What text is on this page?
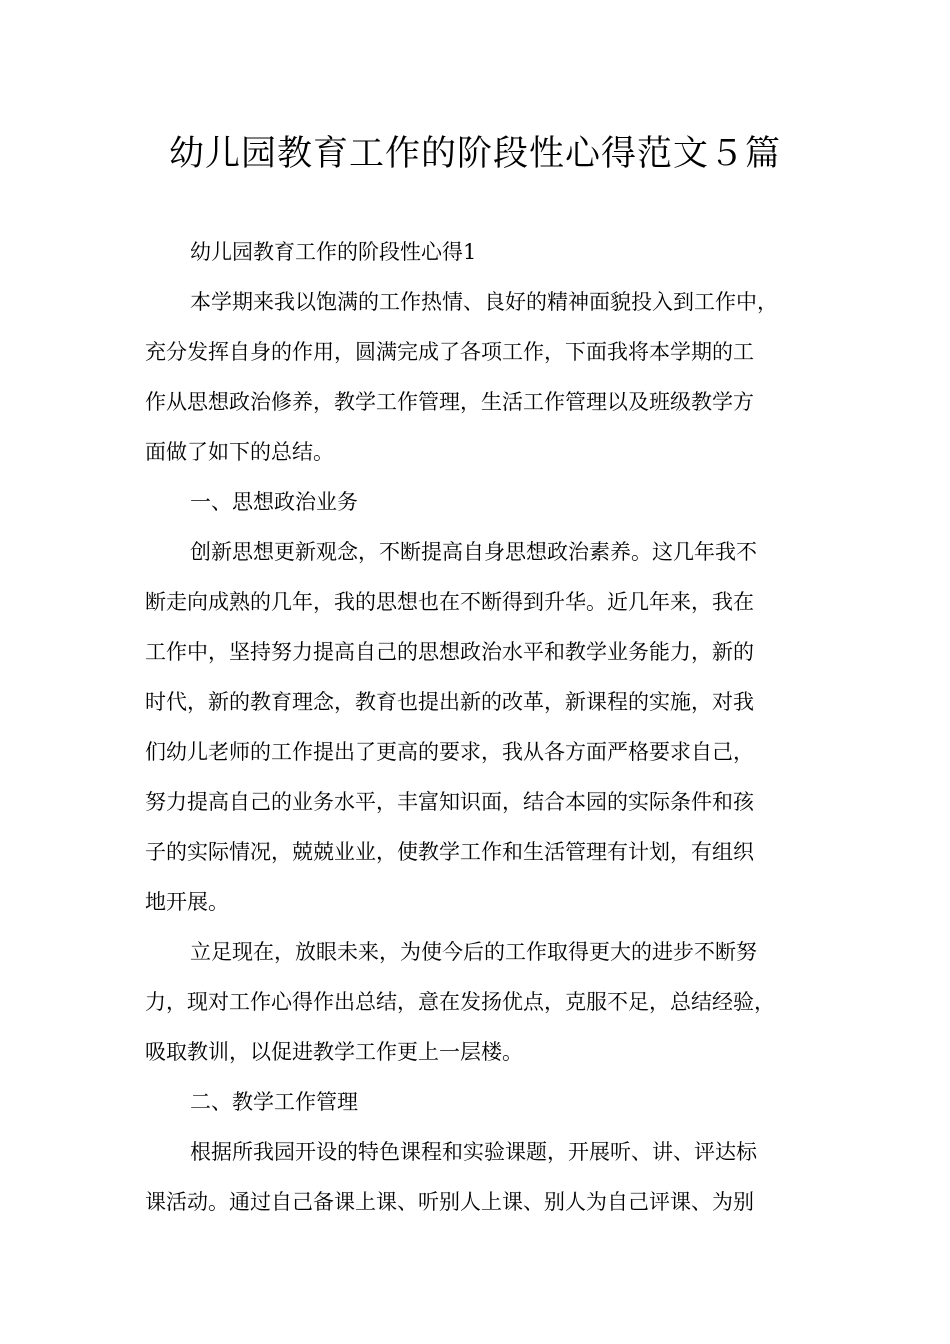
幼儿园教育工作的阶段性心得范文５篇

幼儿园教育工作的阶段性心得1

本学期来我以饱满的工作热情、良好的精神面貌投入到工作中，
充分发挥自身的作用，圆满完成了各项工作，下面我将本学期的工
作从思想政治修养，教学工作管理，生活工作管理以及班级教学方
面做了如下的总结。

一、思想政治业务

创新思想更新观念，不断提高自身思想政治素养。这几年我不
断走向成熟的几年，我的思想也在不断得到升华。近几年来，我在
工作中，坚持努力提高自己的思想政治水平和教学业务能力，新的
时代，新的教育理念，教育也提出新的改革，新课程的实施，对我
们幼儿老师的工作提出了更高的要求，我从各方面严格要求自己，
努力提高自己的业务水平，丰富知识面，结合本园的实际条件和孩
子的实际情况，兢兢业业，使教学工作和生活管理有计划，有组织
地开展。

立足现在，放眼未来，为使今后的工作取得更大的进步不断努
力，现对工作心得作出总结，意在发扬优点，克服不足，总结经验，
吸取教训，以促进教学工作更上一层楼。

二、教学工作管理

根据所我园开设的特色课程和实验课题，开展听、讲、评达标
课活动。通过自己备课上课、听别人上课、别人为自己评课、为别
